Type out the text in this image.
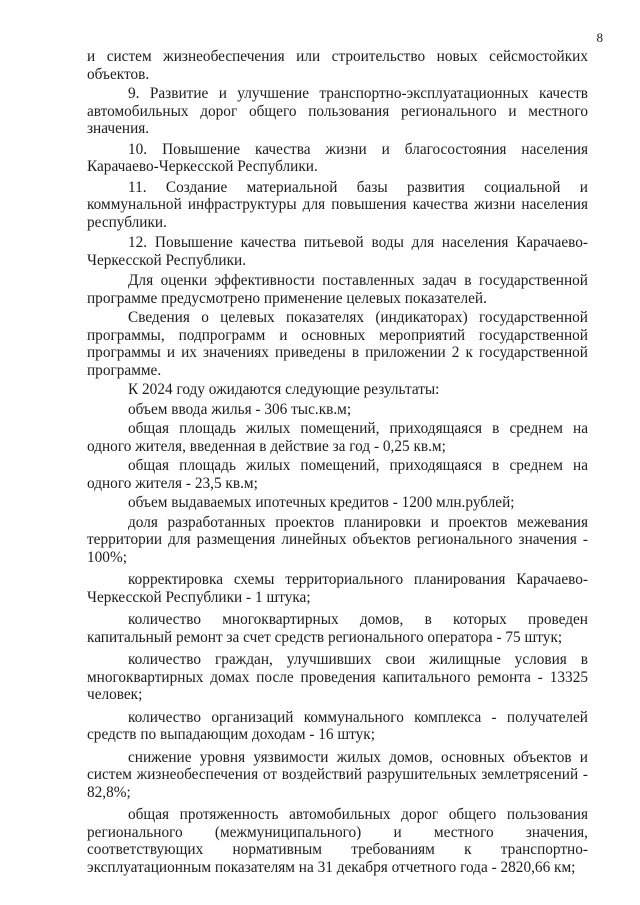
8

и систем жизнеобеспечения или строительство новых сейсмостойких объектов.

9. Развитие и улучшение транспортно-эксплуатационных качеств автомобильных дорог общего пользования регионального и местного значения.

10. Повышение качества жизни и благосостояния населения Карачаево-Черкесской Республики.

11. Создание материальной базы развития социальной и коммунальной инфраструктуры для повышения качества жизни населения республики.

12. Повышение качества питьевой воды для населения Карачаево-Черкесской Республики.

Для оценки эффективности поставленных задач в государственной программе предусмотрено применение целевых показателей.

Сведения о целевых показателях (индикаторах) государственной программы, подпрограмм и основных мероприятий государственной программы и их значениях приведены в приложении 2 к государственной программе.

К 2024 году ожидаются следующие результаты:

объем ввода жилья - 306 тыс.кв.м;

общая площадь жилых помещений, приходящаяся в среднем на одного жителя, введенная в действие за год - 0,25 кв.м;

общая площадь жилых помещений, приходящаяся в среднем на одного жителя - 23,5 кв.м;

объем выдаваемых ипотечных кредитов - 1200 млн.рублей;

доля разработанных проектов планировки и проектов межевания территории для размещения линейных объектов регионального значения - 100%;

корректировка схемы территориального планирования Карачаево-Черкесской Республики - 1 штука;

количество многоквартирных домов, в которых проведен капитальный ремонт за счет средств регионального оператора - 75 штук;

количество граждан, улучшивших свои жилищные условия в многоквартирных домах после проведения капитального ремонта - 13325 человек;

количество организаций коммунального комплекса - получателей средств по выпадающим доходам - 16 штук;

снижение уровня уязвимости жилых домов, основных объектов и систем жизнеобеспечения от воздействий разрушительных землетрясений - 82,8%;

общая протяженность автомобильных дорог общего пользования регионального (межмуниципального) и местного значения, соответствующих нормативным требованиям к транспортно-эксплуатационным показателям на 31 декабря отчетного года - 2820,66 км;
